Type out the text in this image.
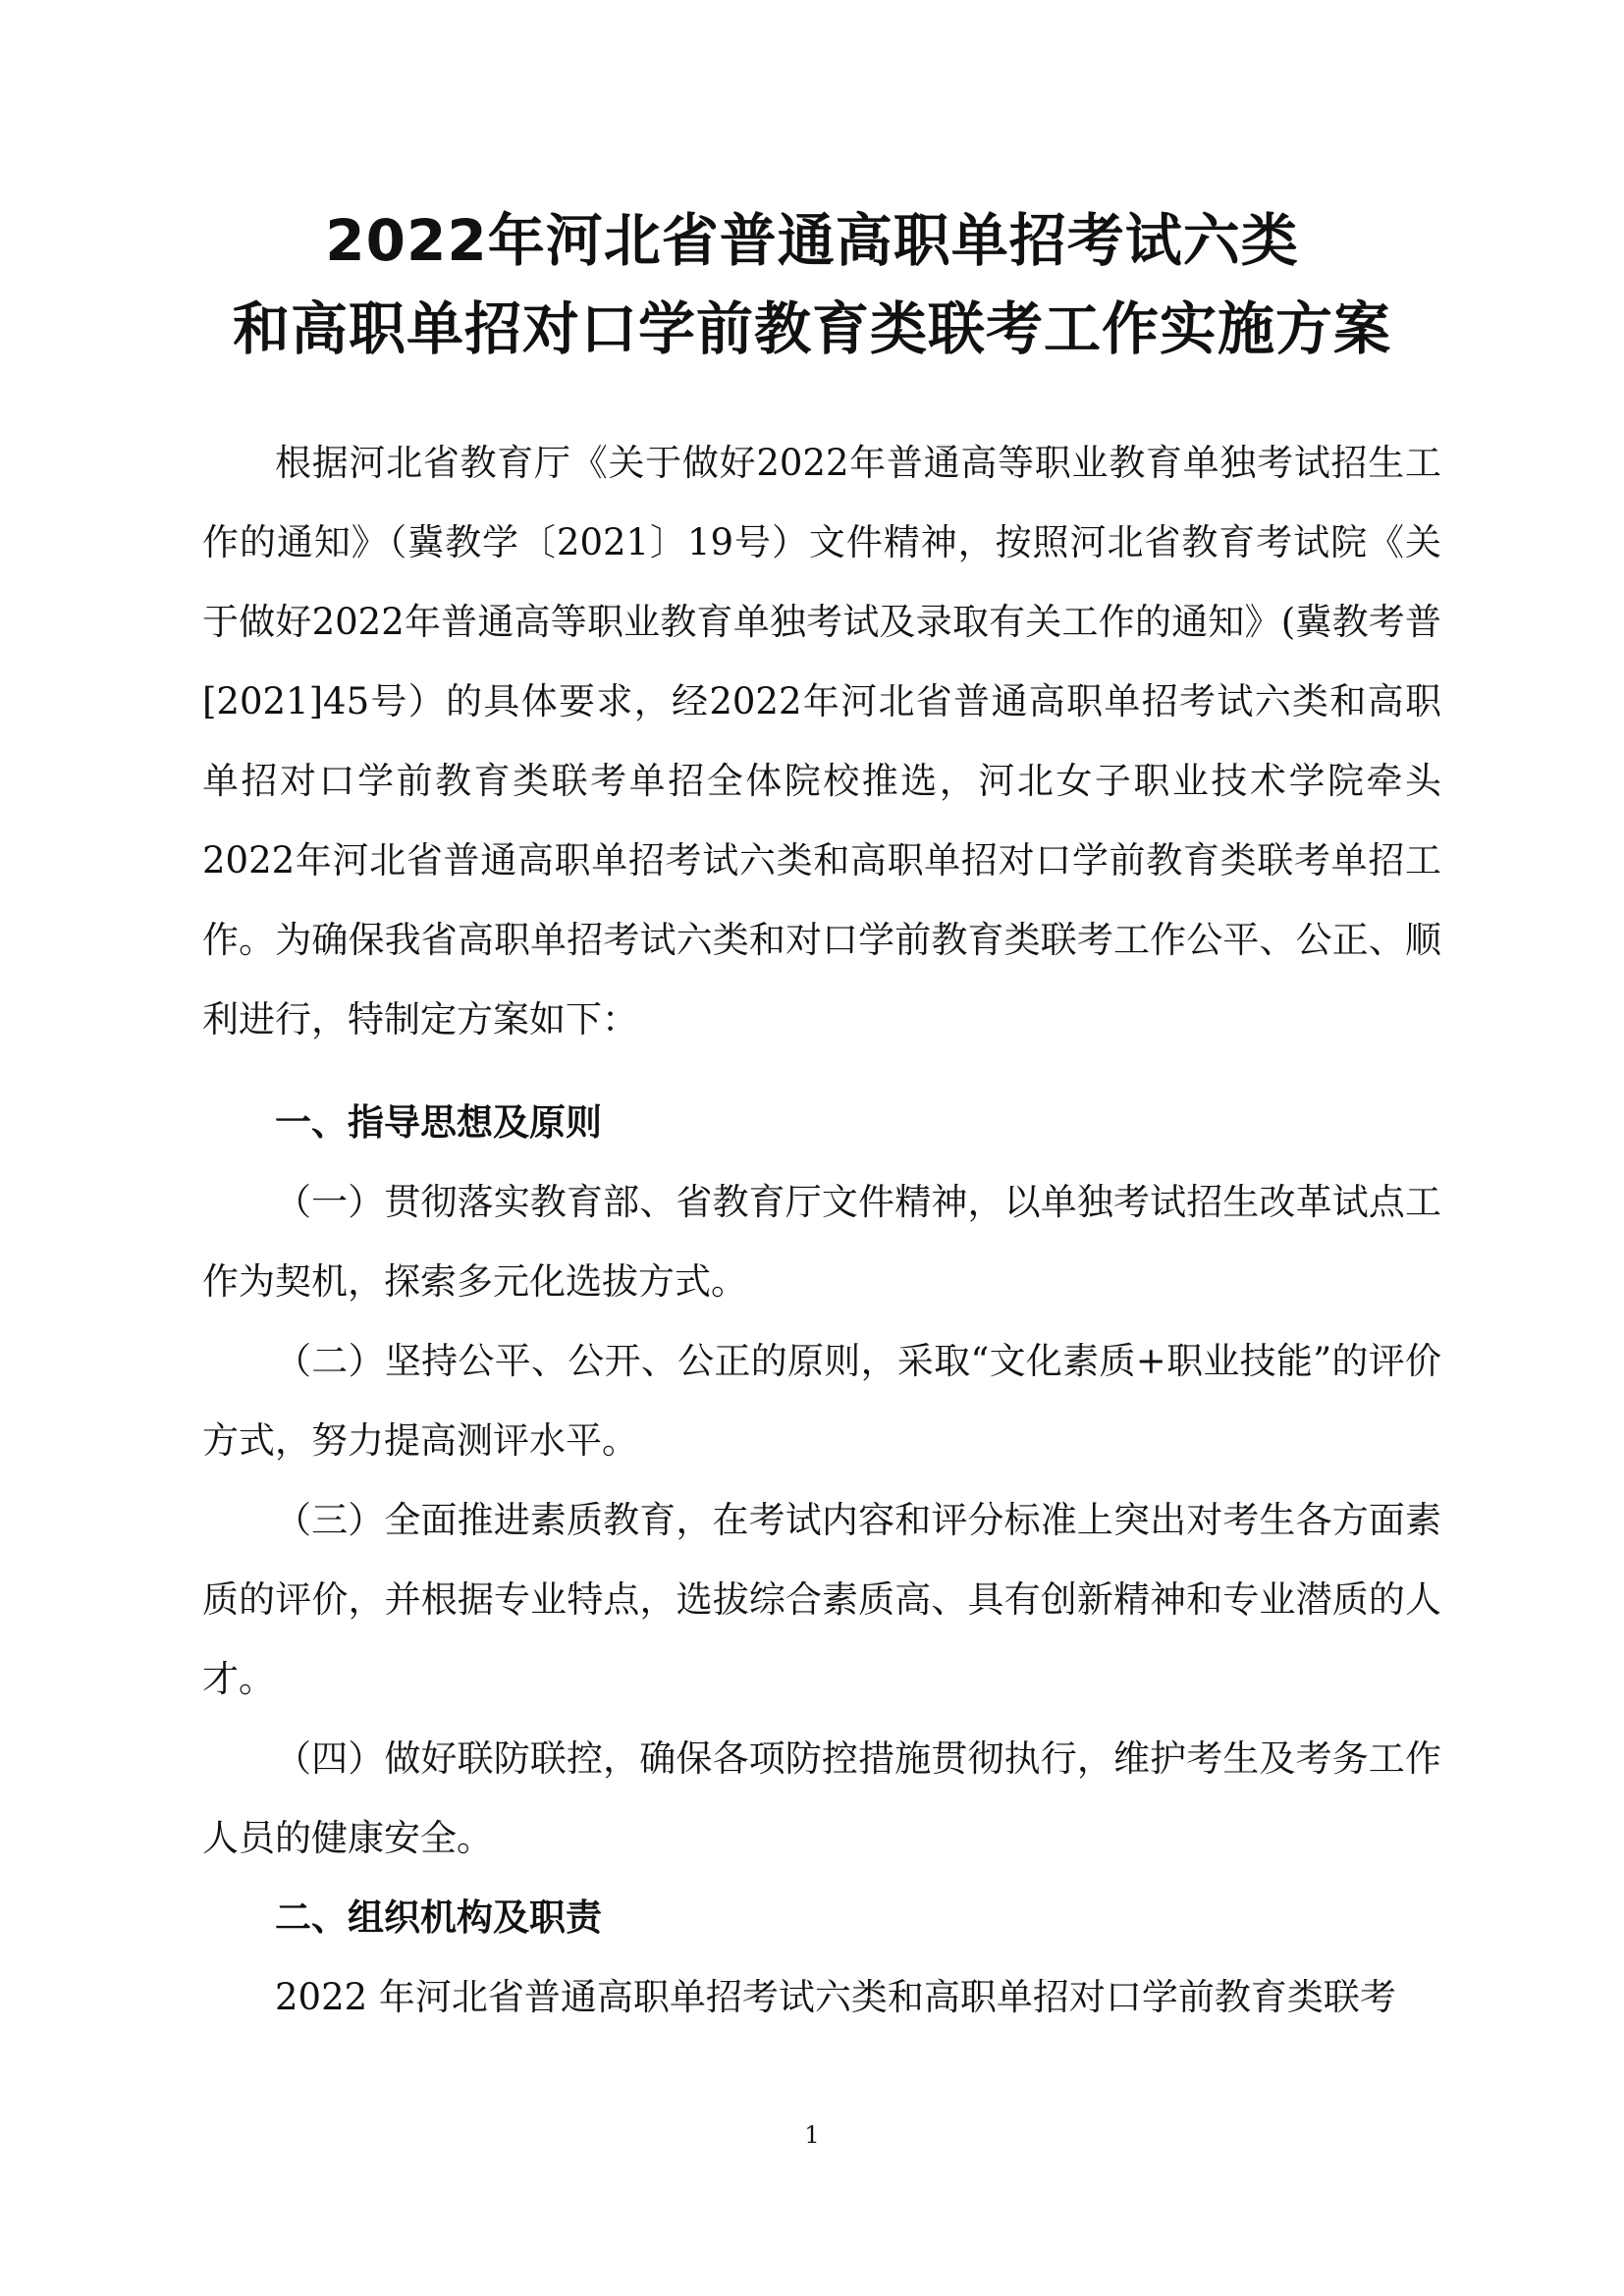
2022年河北省普通高职单招考试六类
和高职单招对口学前教育类联考工作实施方案

根据河北省教育厅《关于做好2022年普通高等职业教育单独考试招生工作的通知》（冀教学〔2021〕19号）文件精神，按照河北省教育考试院《关于做好2022年普通高等职业教育单独考试及录取有关工作的通知》(冀教考普[2021]45号）的具体要求，经2022年河北省普通高职单招考试六类和高职单招对口学前教育类联考单招全体院校推选，河北女子职业技术学院牵头2022年河北省普通高职单招考试六类和高职单招对口学前教育类联考单招工作。为确保我省高职单招考试六类和对口学前教育类联考工作公平、公正、顺利进行，特制定方案如下：

一、指导思想及原则

（一）贯彻落实教育部、省教育厅文件精神，以单独考试招生改革试点工作为契机，探索多元化选拔方式。

（二）坚持公平、公开、公正的原则，采取“文化素质+职业技能”的评价方式，努力提高测评水平。

（三）全面推进素质教育，在考试内容和评分标准上突出对考生各方面素质的评价，并根据专业特点，选拔综合素质高、具有创新精神和专业潜质的人才。

（四）做好联防联控，确保各项防控措施贯彻执行，维护考生及考务工作人员的健康安全。

二、组织机构及职责

2022 年河北省普通高职单招考试六类和高职单招对口学前教育类联考

1
